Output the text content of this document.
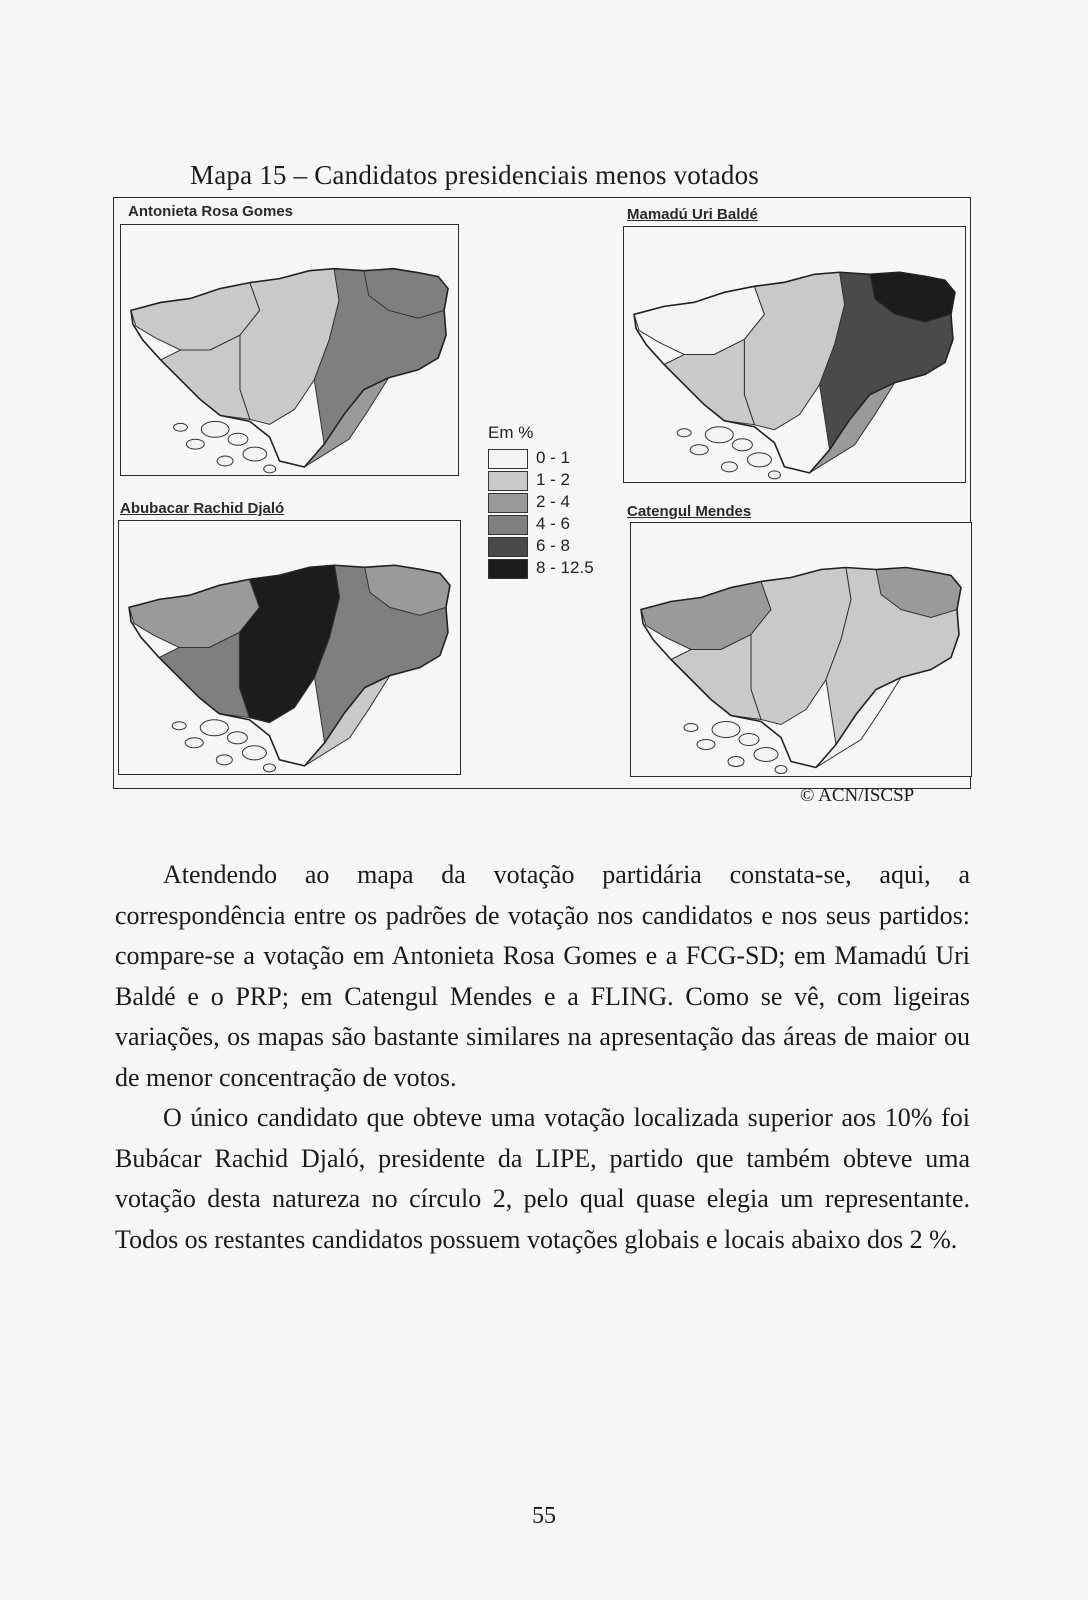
Mapa 15 – Candidatos presidenciais menos votados
Antonieta Rosa Gomes	Mamadú Uri Baldé
Abubacar Rachid Djaló	Catengul Mendes
Em %
0 - 1
1 - 2
2 - 4
4 - 6
6 - 8
8 - 12.5
© ACN/ISCSP

Atendendo ao mapa da votação partidária constata-se, aqui, a correspondência entre os padrões de votação nos candidatos e nos seus partidos: compare-se a votação em Antonieta Rosa Gomes e a FCG-SD; em Mamadú Uri Baldé e o PRP; em Catengul Mendes e a FLING. Como se vê, com ligeiras variações, os mapas são bastante similares na apresentação das áreas de maior ou de menor concentração de votos.

O único candidato que obteve uma votação localizada superior aos 10% foi Bubácar Rachid Djaló, presidente da LIPE, partido que também obteve uma votação desta natureza no círculo 2, pelo qual quase elegia um representante. Todos os restantes candidatos possuem votações globais e locais abaixo dos 2 %.

55
